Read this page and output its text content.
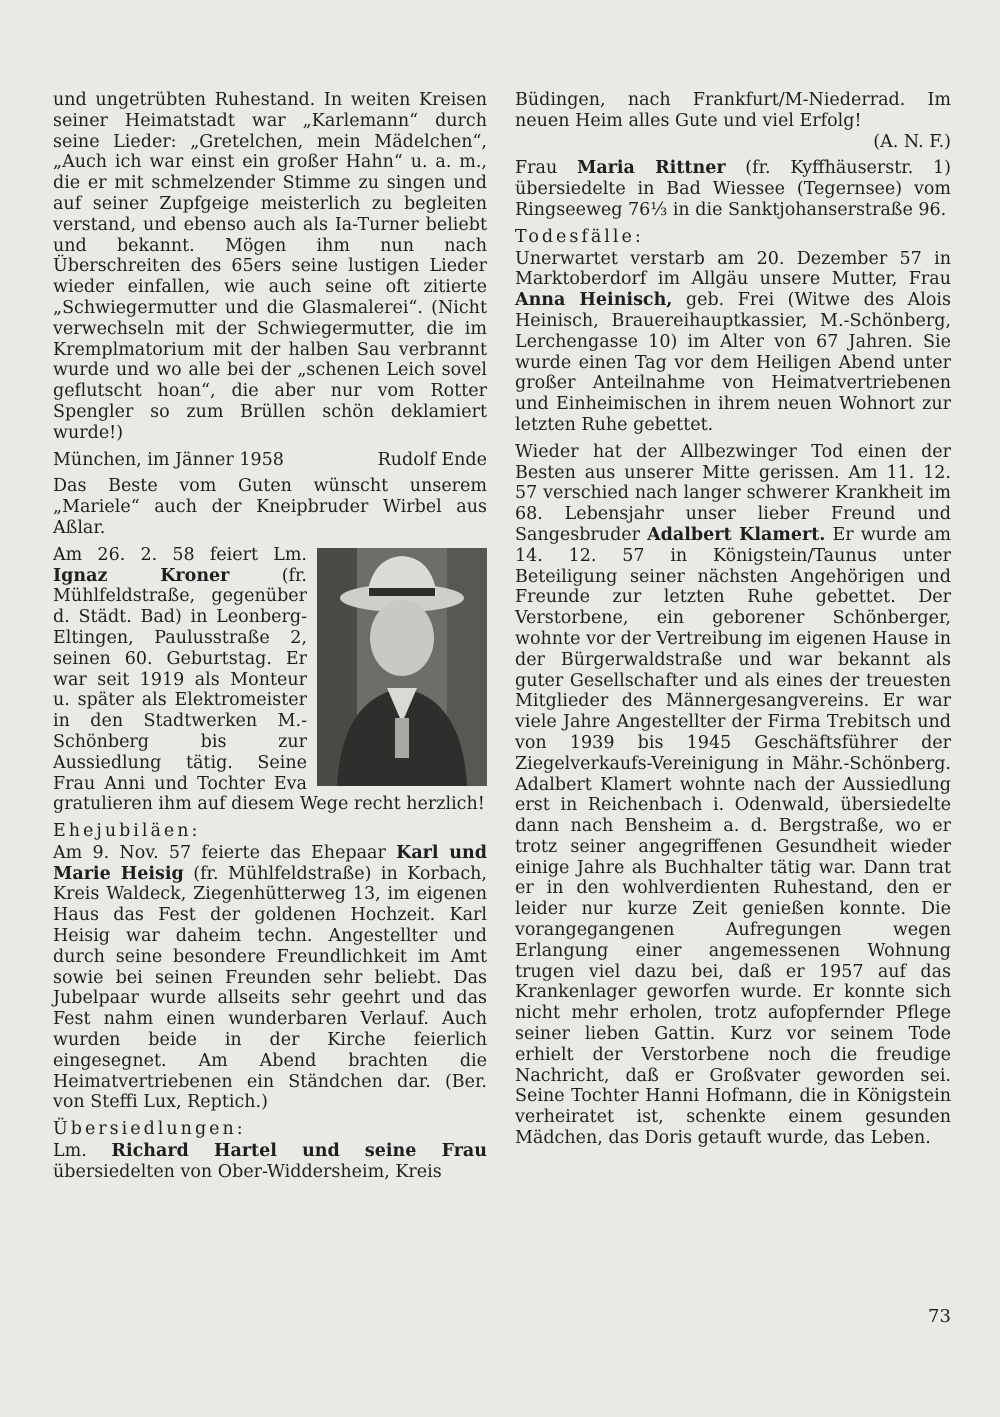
und ungetrübten Ruhestand. In weiten Kreisen seiner Heimatstadt war „Karlemann“ durch seine Lieder: „Gretelchen, mein Mädelchen“, „Auch ich war einst ein großer Hahn“ u. a. m., die er mit schmelzender Stimme zu singen und auf seiner Zupfgeige meisterlich zu begleiten verstand, und ebenso auch als Ia-Turner beliebt und bekannt. Mögen ihm nun nach Überschreiten des 65ers seine lustigen Lieder wieder einfallen, wie auch seine oft zitierte „Schwiegermutter und die Glasmalerei“. (Nicht verwechseln mit der Schwiegermutter, die im Kremplmatorium mit der halben Sau verbrannt wurde und wo alle bei der „schenen Leich sovel geflutscht hoan“, die aber nur vom Rotter Spengler so zum Brüllen schön deklamiert wurde!)

München, im Jänner 1958	Rudolf Ende

Das Beste vom Guten wünscht unserem „Mariele“ auch der Kneipbruder Wirbel aus Aßlar.

Am 26. 2. 58 feiert Lm. Ignaz Kroner	(fr. Mühlfeldstraße, gegenüber d. Städt. Bad) in Leonberg-Eltingen, Paulusstraße 2, seinen 60. Geburtstag. Er war seit 1919 als Monteur u. später als Elektromeister in den Stadtwerken M.-Schönberg bis zur Aussiedlung tätig. Seine Frau Anni und Tochter Eva gratulieren ihm auf diesem Wege recht herzlich!

Ehejubiläen:

Am 9. Nov. 57 feierte das Ehepaar Karl und Marie Heisig (fr. Mühlfeldstraße) in Korbach, Kreis Waldeck, Ziegenhütterweg 13, im eigenen Haus das Fest der goldenen Hochzeit. Karl Heisig war daheim techn. Angestellter und durch seine besondere Freundlichkeit im Amt sowie bei seinen Freunden sehr beliebt. Das Jubelpaar wurde allseits sehr geehrt und das Fest nahm einen wunderbaren Verlauf. Auch wurden beide in der Kirche feierlich eingesegnet. Am Abend brachten die Heimatvertriebenen ein Ständchen dar. (Ber. von Steffi Lux, Reptich.)

Übersiedlungen:

Lm. Richard Hartel und seine Frau übersiedelten von Ober-Widdersheim, Kreis

Büdingen, nach Frankfurt/M-Niederrad. Im neuen Heim alles Gute und viel Erfolg!

(A. N. F.)

Frau Maria Rittner (fr. Kyffhäuserstr. 1) übersiedelte in Bad Wiessee (Tegernsee) vom Ringseeweg 76⅓ in die Sanktjohanserstraße 96.

Todesfälle:

Unerwartet verstarb am 20. Dezember 57 in Marktoberdorf im Allgäu unsere Mutter, Frau Anna Heinisch, geb. Frei (Witwe des Alois Heinisch, Brauereihauptkassier, M.-Schönberg, Lerchengasse 10) im Alter von 67 Jahren. Sie wurde einen Tag vor dem Heiligen Abend unter großer Anteilnahme von Heimatvertriebenen und Einheimischen in ihrem neuen Wohnort zur letzten Ruhe gebettet.

Wieder hat der Allbezwinger Tod einen der Besten aus unserer Mitte gerissen. Am 11. 12. 57 verschied nach langer schwerer Krankheit im 68. Lebensjahr unser lieber Freund und Sangesbruder Adalbert Klamert. Er wurde am 14. 12. 57 in Königstein/Taunus unter Beteiligung seiner nächsten Angehörigen und Freunde zur letzten Ruhe gebettet. Der Verstorbene, ein geborener Schönberger, wohnte vor der Vertreibung im eigenen Hause in der Bürgerwaldstraße und war bekannt als guter Gesellschafter und als eines der treuesten Mitglieder des Männergesangvereins. Er war viele Jahre Angestellter der Firma Trebitsch und von 1939 bis 1945 Geschäftsführer der Ziegelverkaufs-Vereinigung in Mähr.-Schönberg. Adalbert Klamert wohnte nach der Aussiedlung erst in Reichenbach i. Odenwald, übersiedelte dann nach Bensheim a. d. Bergstraße, wo er trotz seiner angegriffenen Gesundheit wieder einige Jahre als Buchhalter tätig war. Dann trat er in den wohlverdienten Ruhestand, den er leider nur kurze Zeit genießen konnte. Die vorangegangenen Aufregungen wegen Erlangung einer angemessenen Wohnung trugen viel dazu bei, daß er 1957 auf das Krankenlager geworfen wurde. Er konnte sich nicht mehr erholen, trotz aufopfernder Pflege seiner lieben Gattin. Kurz vor seinem Tode erhielt der Verstorbene noch die freudige Nachricht, daß er Großvater geworden sei. Seine Tochter Hanni Hofmann, die in Königstein verheiratet ist, schenkte einem gesunden Mädchen, das Doris getauft wurde, das Leben.

73
